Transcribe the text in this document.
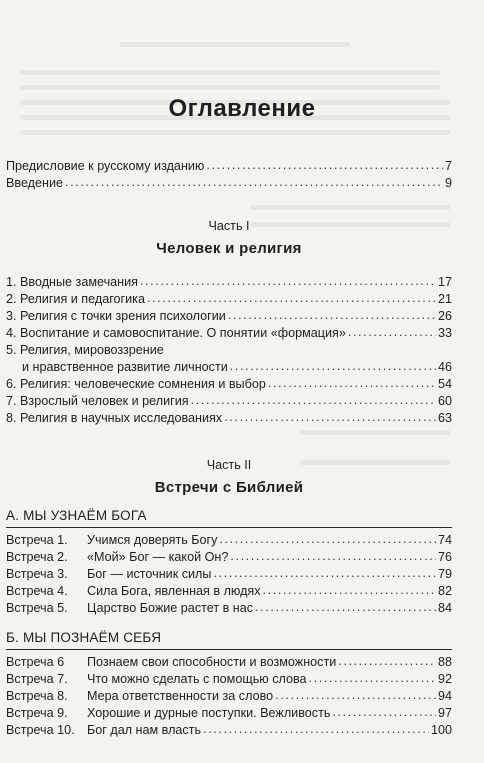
Оглавление
Предисловие к русскому изданию .....	7
Введение .....	9
Часть I
Человек и религия
1. Вводные замечания .....	17
2. Религия и педагогика .....	21
3. Религия с точки зрения психологии .....	26
4. Воспитание и самовоспитание. О понятии «формация» .....	33
5. Религия, мировоззрение
и нравственное развитие личности .....	46
6. Религия: человеческие сомнения и выбор .....	54
7. Взрослый человек и религия .....	60
8. Религия в научных исследованиях .....	63
Часть II
Встречи с Библией
А. МЫ УЗНАЁМ БОГА
Встреча 1. Учимся доверять Богу .....	74
Встреча 2. «Мой» Бог — какой Он? .....	76
Встреча 3. Бог — источник силы .....	79
Встреча 4. Сила Бога, явленная в людях .....	82
Встреча 5. Царство Божие растет в нас .....	84
Б. МЫ ПОЗНАЁМ СЕБЯ
Встреча 6 Познаем свои способности и возможности .....	88
Встреча 7. Что можно сделать с помощью слова .....	92
Встреча 8. Мера ответственности за слово .....	94
Встреча 9. Хорошие и дурные поступки. Вежливость .....	97
Встреча 10. Бог дал нам власть .....	100
